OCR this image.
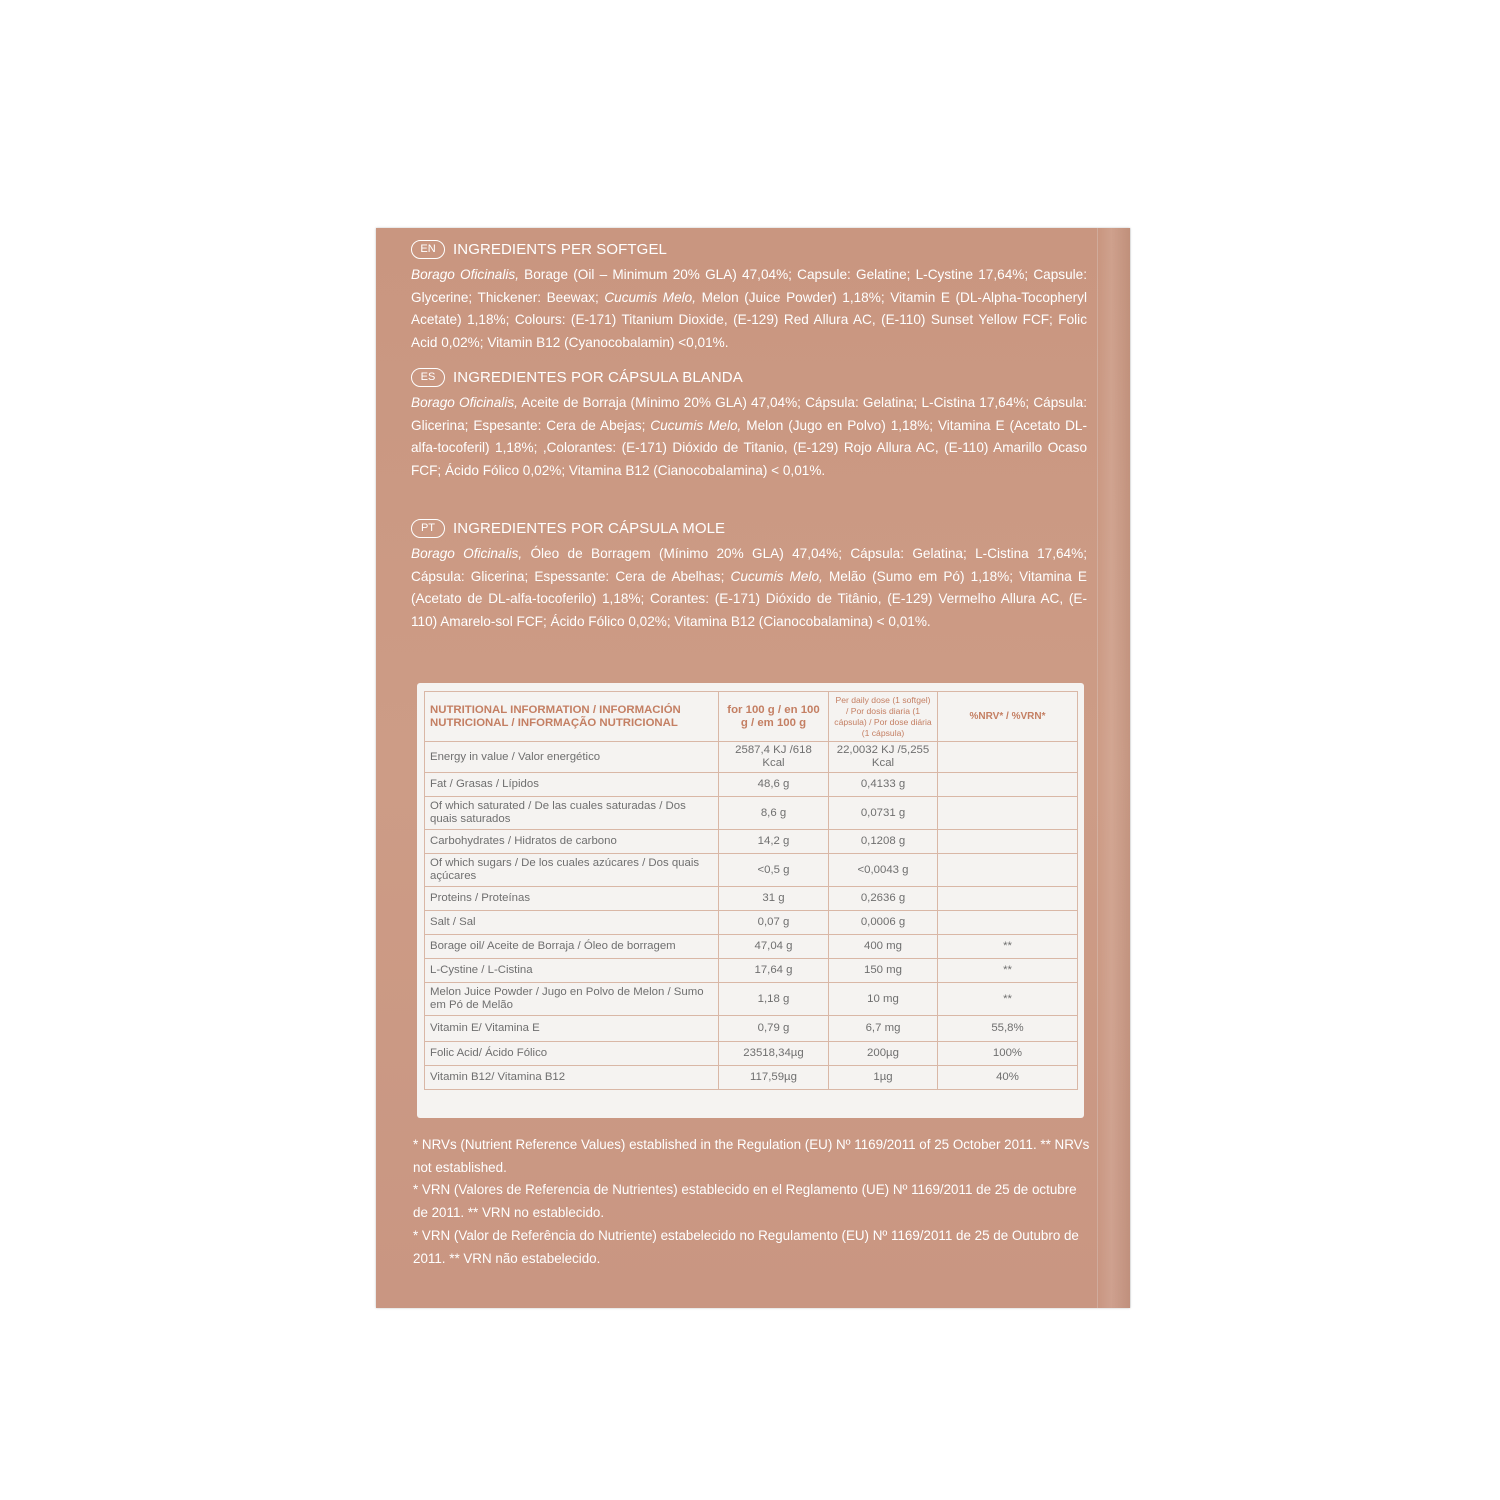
EN	INGREDIENTS PER SOFTGEL
Borago Oficinalis, Borage (Oil – Minimum 20% GLA) 47,04%; Capsule: Gelatine; L-Cystine 17,64%; Capsule: Glycerine; Thickener: Beewax; Cucumis Melo, Melon (Juice Powder) 1,18%; Vitamin E (DL-Alpha-Tocopheryl Acetate) 1,18%; Colours: (E-171) Titanium Dioxide, (E-129) Red Allura AC, (E-110) Sunset Yellow FCF; Folic Acid 0,02%; Vitamin B12 (Cyanocobalamin) <0,01%.
ES	INGREDIENTES POR CÁPSULA BLANDA
Borago Oficinalis, Aceite de Borraja (Mínimo 20% GLA) 47,04%; Cápsula: Gelatina; L-Cistina 17,64%; Cápsula: Glicerina; Espesante: Cera de Abejas; Cucumis Melo, Melon (Jugo en Polvo) 1,18%; Vitamina E (Acetato DL-alfa-tocoferil) 1,18%; ,Colorantes: (E-171) Dióxido de Titanio, (E-129) Rojo Allura AC, (E-110) Amarillo Ocaso FCF; Ácido Fólico 0,02%; Vitamina B12 (Cianocobalamina) < 0,01%.
PT	INGREDIENTES POR CÁPSULA MOLE
Borago Oficinalis, Óleo de Borragem (Mínimo 20% GLA) 47,04%; Cápsula: Gelatina; L-Cistina 17,64%; Cápsula: Glicerina; Espessante: Cera de Abelhas; Cucumis Melo, Melão (Sumo em Pó) 1,18%; Vitamina E (Acetato de DL-alfa-tocoferilo) 1,18%; Corantes: (E-171) Dióxido de Titânio, (E-129) Vermelho Allura AC, (E-110) Amarelo-sol FCF; Ácido Fólico 0,02%; Vitamina B12 (Cianocobalamina) < 0,01%.
NUTRITIONAL INFORMATION / INFORMACIÓN NUTRICIONAL / INFORMAÇÃO NUTRICIONAL	for 100 g / en 100 g / em 100 g	Per daily dose (1 softgel) / Por dosis diaria (1 cápsula) / Por dose diária (1 cápsula)	%NRV* / %VRN*
Energy in value / Valor energético	2587,4 KJ /618 Kcal	22,0032 KJ /5,255 Kcal	
Fat / Grasas / Lípidos	48,6 g	0,4133 g	
Of which saturated / De las cuales saturadas / Dos quais saturados	8,6 g	0,0731 g	
Carbohydrates / Hidratos de carbono	14,2 g	0,1208 g	
Of which sugars / De los cuales azúcares / Dos quais açúcares	<0,5 g	<0,0043 g	
Proteins / Proteínas	31 g	0,2636 g	
Salt / Sal	0,07 g	0,0006 g	
Borage oil/ Aceite de Borraja / Óleo de borragem	47,04 g	400 mg	**
L-Cystine / L-Cistina	17,64 g	150 mg	**
Melon Juice Powder / Jugo en Polvo de Melon / Sumo em Pó de Melão	1,18 g	10 mg	**
Vitamin E/ Vitamina E	0,79 g	6,7 mg	55,8%
Folic Acid/ Ácido Fólico	23518,34µg	200µg	100%
Vitamin B12/ Vitamina B12	117,59µg	1µg	40%
* NRVs (Nutrient Reference Values) established in the Regulation (EU) Nº 1169/2011 of 25 October 2011. ** NRVs not established.
* VRN (Valores de Referencia de Nutrientes) establecido en el Reglamento (UE) Nº 1169/2011 de 25 de octubre de 2011. ** VRN no establecido.
* VRN (Valor de Referência do Nutriente) estabelecido no Regulamento (EU) Nº 1169/2011 de 25 de Outubro de 2011. ** VRN não estabelecido.
